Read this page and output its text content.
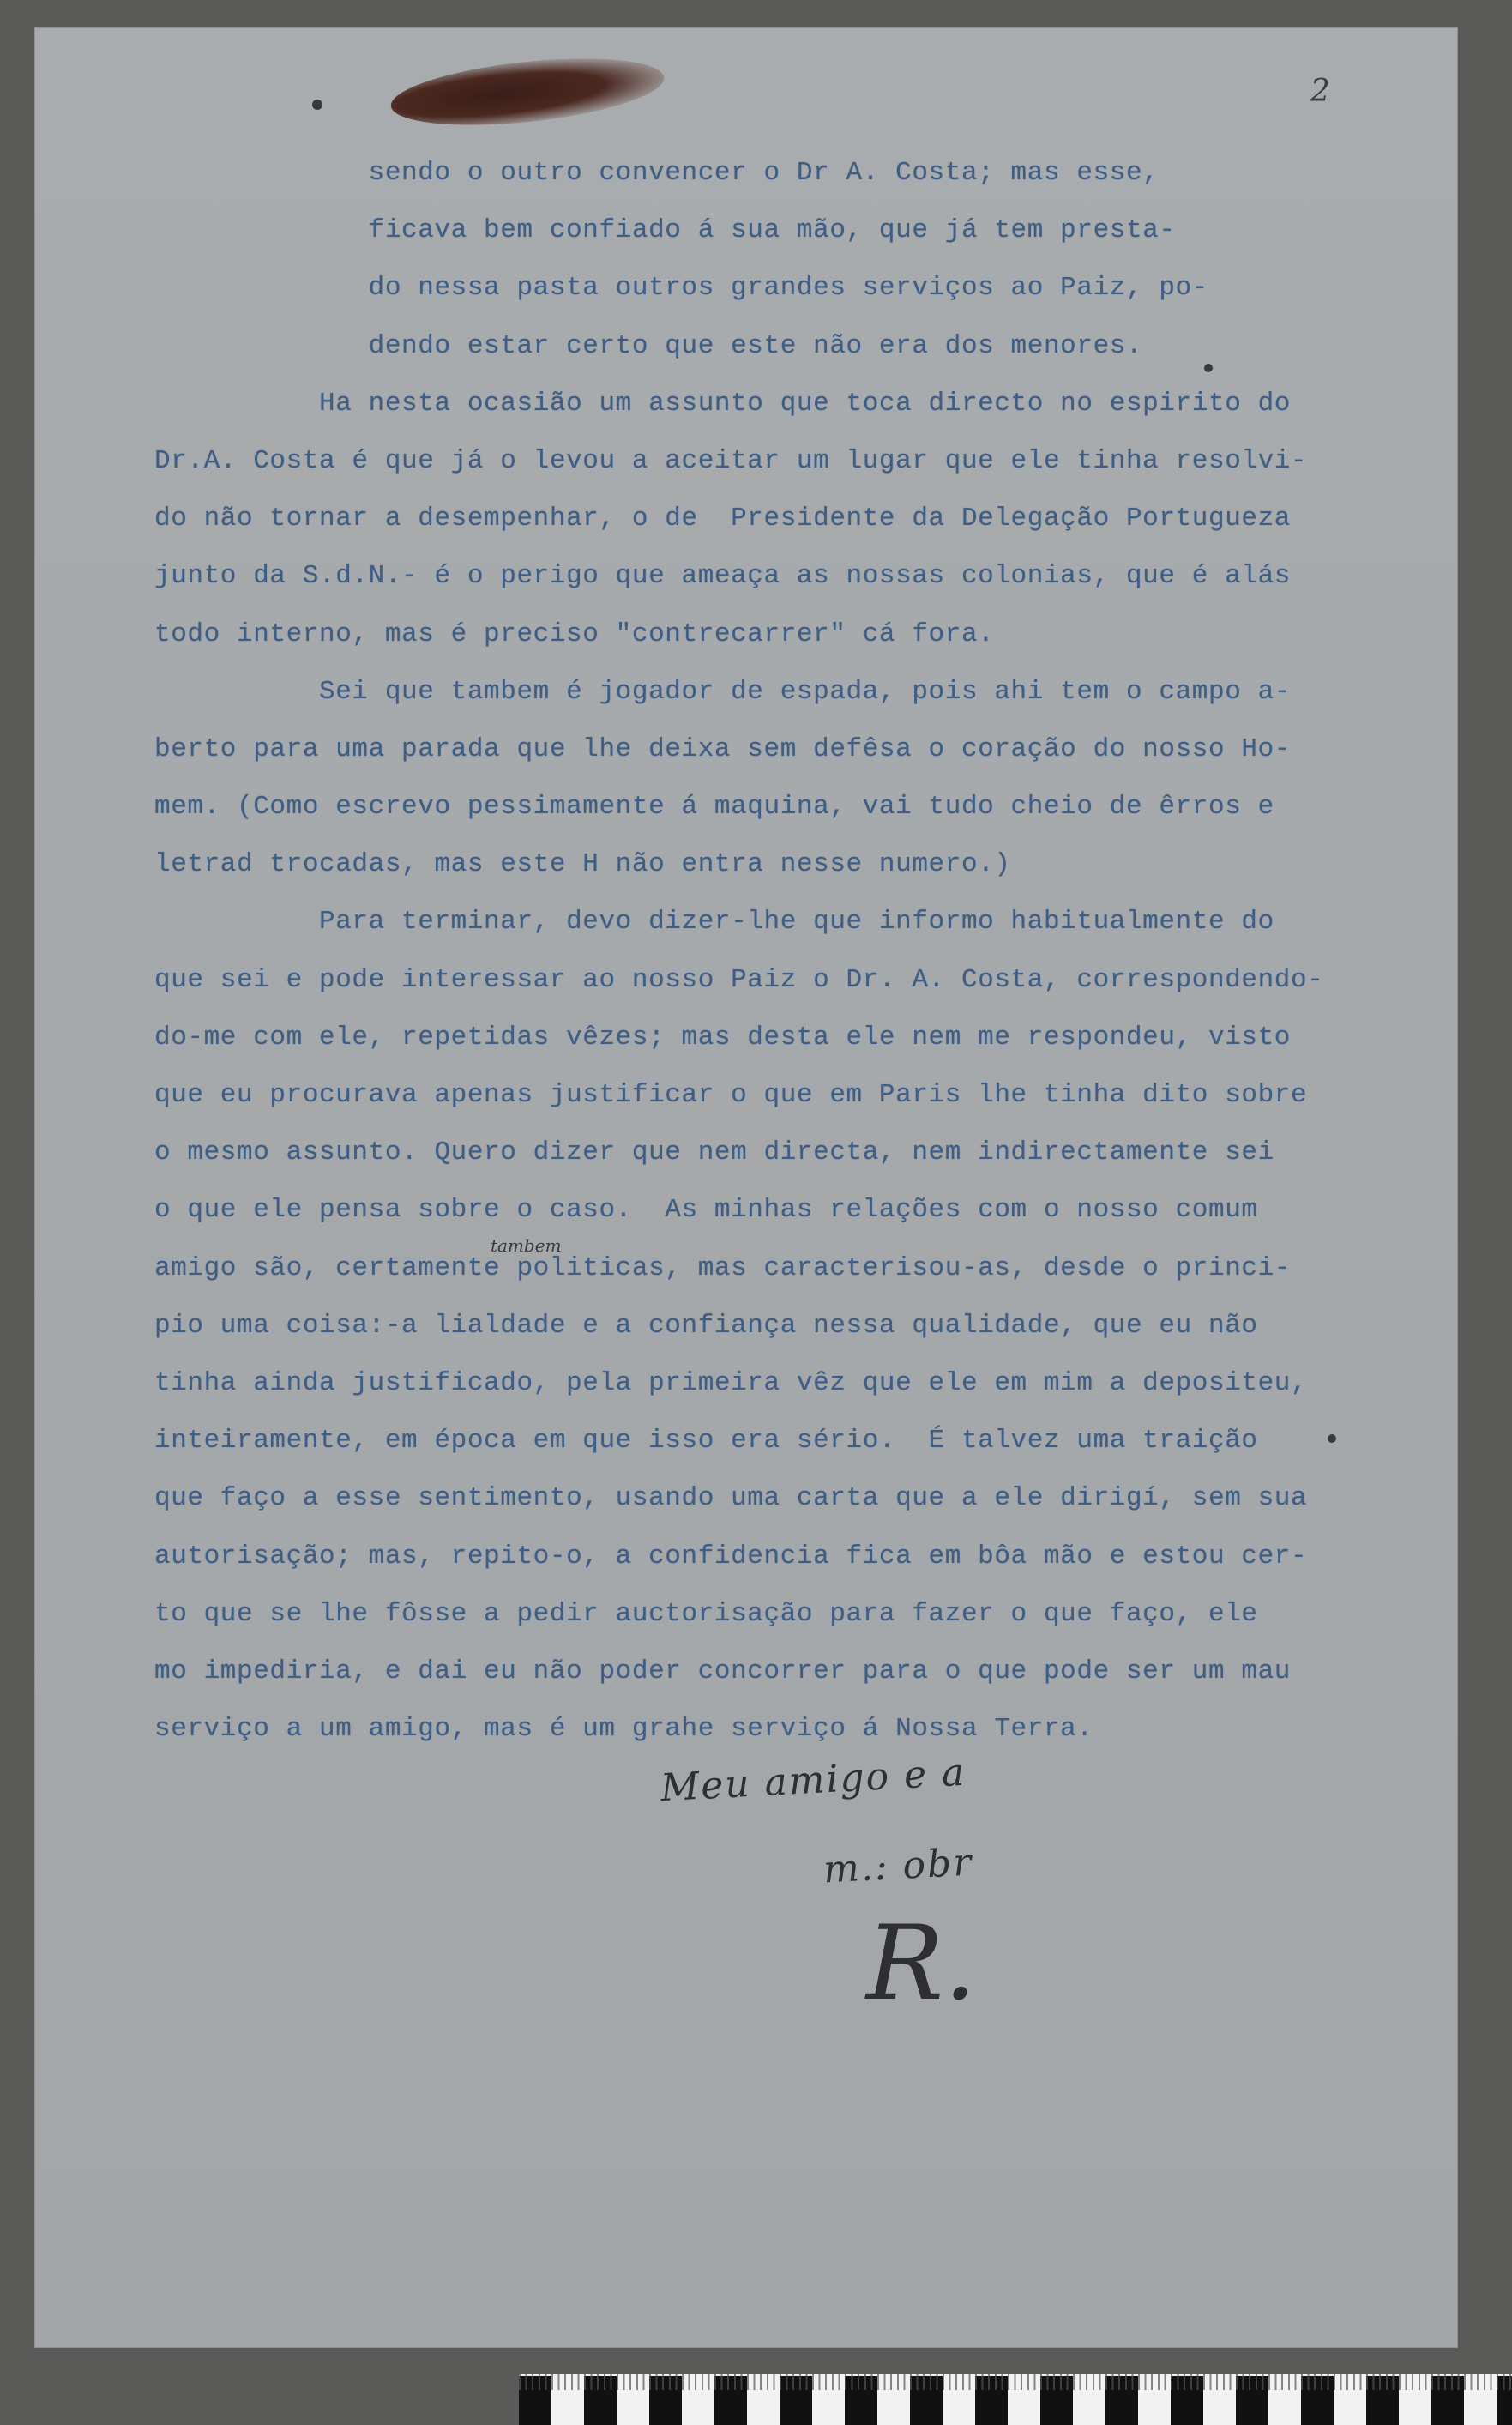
2
sendo o outro convencer o Dr A. Costa; mas esse,
ficava bem confiado á sua mão, que já tem presta-
do nessa pasta outros grandes serviços ao Paiz, po-
dendo estar certo que este não era dos menores.
Ha nesta ocasião um assunto que toca directo no espirito do
Dr.A. Costa é que já o levou a aceitar um lugar que ele tinha resolvi-
do não tornar a desempenhar, o de  Presidente da Delegação Portugueza
junto da S.d.N.- é o perigo que ameaça as nossas colonias, que é alás
todo interno, mas é preciso "contrecarrer" cá fora.
Sei que tambem é jogador de espada, pois ahi tem o campo a-
berto para uma parada que lhe deixa sem defêsa o coração do nosso Ho-
mem. (Como escrevo pessimamente á maquina, vai tudo cheio de êrros e
letrad trocadas, mas este H não entra nesse numero.)
Para terminar, devo dizer-lhe que informo habitualmente do
que sei e pode interessar ao nosso Paiz o Dr. A. Costa, correspondendo-
do-me com ele, repetidas vêzes; mas desta ele nem me respondeu, visto
que eu procurava apenas justificar o que em Paris lhe tinha dito sobre
o mesmo assunto. Quero dizer que nem directa, nem indirectamente sei
o que ele pensa sobre o caso.  As minhas relações com o nosso comum
amigo são, certamente politicas, mas caracterisou-as, desde o princi-
pio uma coisa:-a lialdade e a confiança nessa qualidade, que eu não
tinha ainda justificado, pela primeira vêz que ele em mim a depositeu,
inteiramente, em época em que isso era sério.  É talvez uma traição
que faço a esse sentimento, usando uma carta que a ele dirigí, sem sua
autorisação; mas, repito-o, a confidencia fica em bôa mão e estou cer-
to que se lhe fôsse a pedir auctorisação para fazer o que faço, ele
mo impediria, e dai eu não poder concorrer para o que pode ser um mau
serviço a um amigo, mas é um grahe serviço á Nossa Terra.
tambem
Meu amigo e a
m.: obr
R.
